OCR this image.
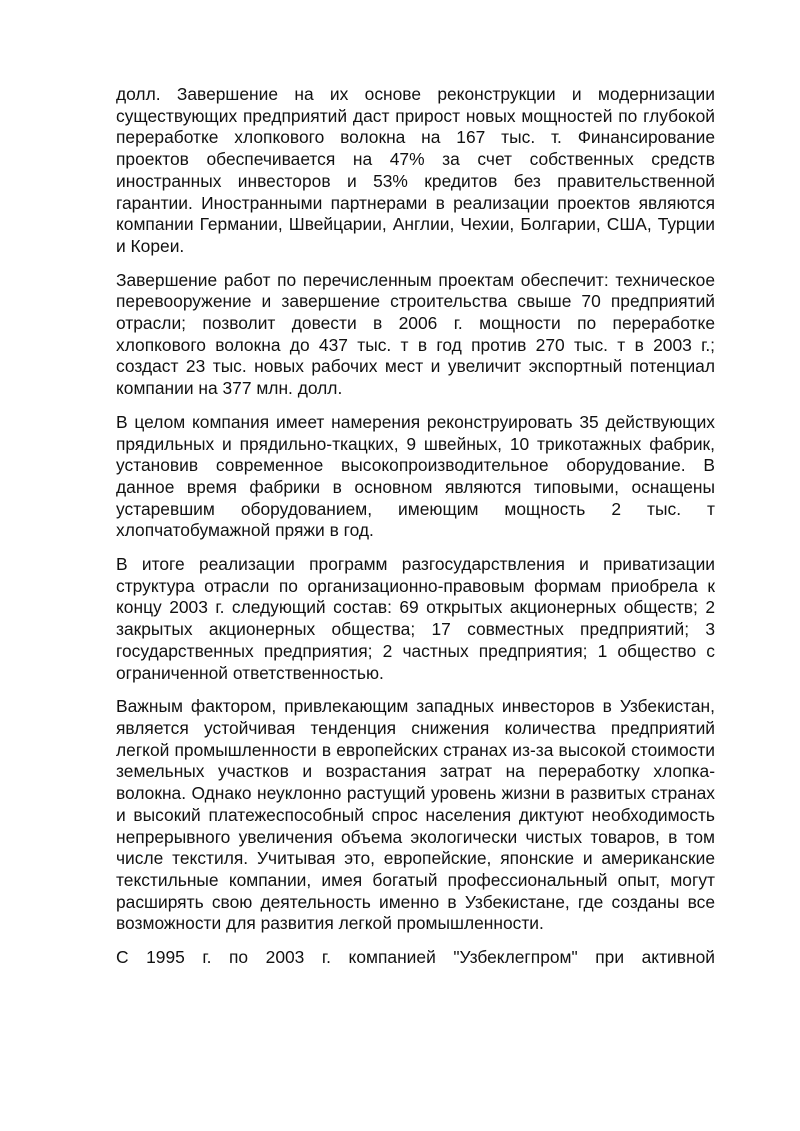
долл. Завершение на их основе реконструкции и модернизации существующих предприятий даст прирост новых мощностей по глубокой переработке хлопкового волокна на 167 тыс. т. Финансирование проектов обеспечивается на 47% за счет собственных средств иностранных инвесторов и 53% кредитов без правительственной гарантии. Иностранными партнерами в реализации проектов являются компании Германии, Швейцарии, Англии, Чехии, Болгарии, США, Турции и Кореи.

Завершение работ по перечисленным проектам обеспечит: техническое перевооружение и завершение строительства свыше 70 предприятий отрасли; позволит довести в 2006 г. мощности по переработке хлопкового волокна до 437 тыс. т в год против 270 тыс. т в 2003 г.; создаст 23 тыс. новых рабочих мест и увеличит экспортный потенциал компании на 377 млн. долл.

В целом компания имеет намерения реконструировать 35 действующих прядильных и прядильно-ткацких, 9 швейных, 10 трикотажных фабрик, установив современное высокопроизводительное оборудование. В данное время фабрики в основном являются типовыми, оснащены устаревшим оборудованием, имеющим мощность 2 тыс. т хлопчатобумажной пряжи в год.

В итоге реализации программ разгосударствления и приватизации структура отрасли по организационно-правовым формам приобрела к концу 2003 г. следующий состав: 69 открытых акционерных обществ; 2 закрытых акционерных общества; 17 совместных предприятий; 3 государственных предприятия; 2 частных предприятия; 1 общество с ограниченной ответственностью.

Важным фактором, привлекающим западных инвесторов в Узбекистан, является устойчивая тенденция снижения количества предприятий легкой промышленности в европейских странах из-за высокой стоимости земельных участков и возрастания затрат на переработку хлопка-волокна. Однако неуклонно растущий уровень жизни в развитых странах и высокий платежеспособный спрос населения диктуют необходимость непрерывного увеличения объема экологически чистых товаров, в том числе текстиля. Учитывая это, европейские, японские и американские текстильные компании, имея богатый профессиональный опыт, могут расширять свою деятельность именно в Узбекистане, где созданы все возможности для развития легкой промышленности.

С 1995 г. по 2003 г. компанией "Узбеклегпром" при активной
